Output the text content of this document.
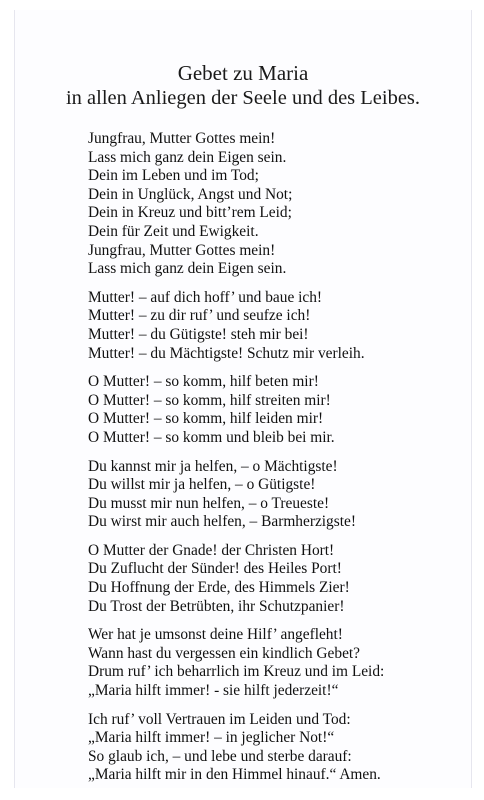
Gebet zu Maria
in allen Anliegen der Seele und des Leibes.
Jungfrau, Mutter Gottes mein!
Lass mich ganz dein Eigen sein.
Dein im Leben und im Tod;
Dein in Unglück, Angst und Not;
Dein in Kreuz und bitt’rem Leid;
Dein für Zeit und Ewigkeit.
Jungfrau, Mutter Gottes mein!
Lass mich ganz dein Eigen sein.
Mutter! – auf dich hoff’ und baue ich!
Mutter! – zu dir ruf’ und seufze ich!
Mutter! – du Gütigste! steh mir bei!
Mutter! – du Mächtigste! Schutz mir verleih.
O Mutter! – so komm, hilf beten mir!
O Mutter! – so komm, hilf streiten mir!
O Mutter! – so komm, hilf leiden mir!
O Mutter! – so komm und bleib bei mir.
Du kannst mir ja helfen, – o Mächtigste!
Du willst mir ja helfen, – o Gütigste!
Du musst mir nun helfen, – o Treueste!
Du wirst mir auch helfen, – Barmherzigste!
O Mutter der Gnade! der Christen Hort!
Du Zuflucht der Sünder! des Heiles Port!
Du Hoffnung der Erde, des Himmels Zier!
Du Trost der Betrübten, ihr Schutzpanier!
Wer hat je umsonst deine Hilf’ angefleht!
Wann hast du vergessen ein kindlich Gebet?
Drum ruf’ ich beharrlich im Kreuz und im Leid:
„Maria hilft immer! - sie hilft jederzeit!“
Ich ruf’ voll Vertrauen im Leiden und Tod:
„Maria hilft immer! – in jeglicher Not!“
So glaub ich, – und lebe und sterbe darauf:
„Maria hilft mir in den Himmel hinauf.“ Amen.
